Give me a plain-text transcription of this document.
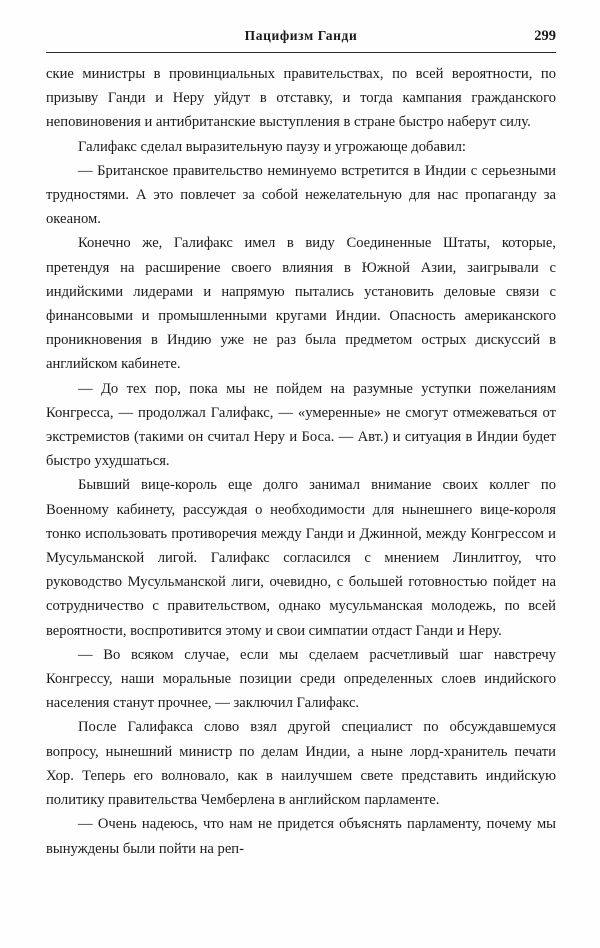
Пацифизм Ганди	299

ские министры в провинциальных правительствах, по всей вероятности, по призыву Ганди и Неру уйдут в отставку, и тогда кампания гражданского неповиновения и антибританские выступления в стране быстро наберут силу.

Галифакс сделал выразительную паузу и угрожающе добавил:

— Британское правительство неминуемо встретится в Индии с серьезными трудностями. А это повлечет за собой нежелательную для нас пропаганду за океаном.

Конечно же, Галифакс имел в виду Соединенные Штаты, которые, претендуя на расширение своего влияния в Южной Азии, заигрывали с индийскими лидерами и напрямую пытались установить деловые связи с финансовыми и промышленными кругами Индии. Опасность американского проникновения в Индию уже не раз была предметом острых дискуссий в английском кабинете.

— До тех пор, пока мы не пойдем на разумные уступки пожеланиям Конгресса, — продолжал Галифакс, — «умеренные» не смогут отмежеваться от экстремистов (такими он считал Неру и Боса. — Авт.) и ситуация в Индии будет быстро ухудшаться.

Бывший вице-король еще долго занимал внимание своих коллег по Военному кабинету, рассуждая о необходимости для нынешнего вице-короля тонко использовать противоречия между Ганди и Джинной, между Конгрессом и Мусульманской лигой. Галифакс согласился с мнением Линлитгоу, что руководство Мусульманской лиги, очевидно, с большей готовностью пойдет на сотрудничество с правительством, однако мусульманская молодежь, по всей вероятности, воспротивится этому и свои симпатии отдаст Ганди и Неру.

— Во всяком случае, если мы сделаем расчетливый шаг навстречу Конгрессу, наши моральные позиции среди определенных слоев индийского населения станут прочнее, — заключил Галифакс.

После Галифакса слово взял другой специалист по обсуждавшемуся вопросу, нынешний министр по делам Индии, а ныне лорд-хранитель печати Хор. Теперь его волновало, как в наилучшем свете представить индийскую политику правительства Чемберлена в английском парламенте.

— Очень надеюсь, что нам не придется объяснять парламенту, почему мы вынуждены были пойти на реп-
